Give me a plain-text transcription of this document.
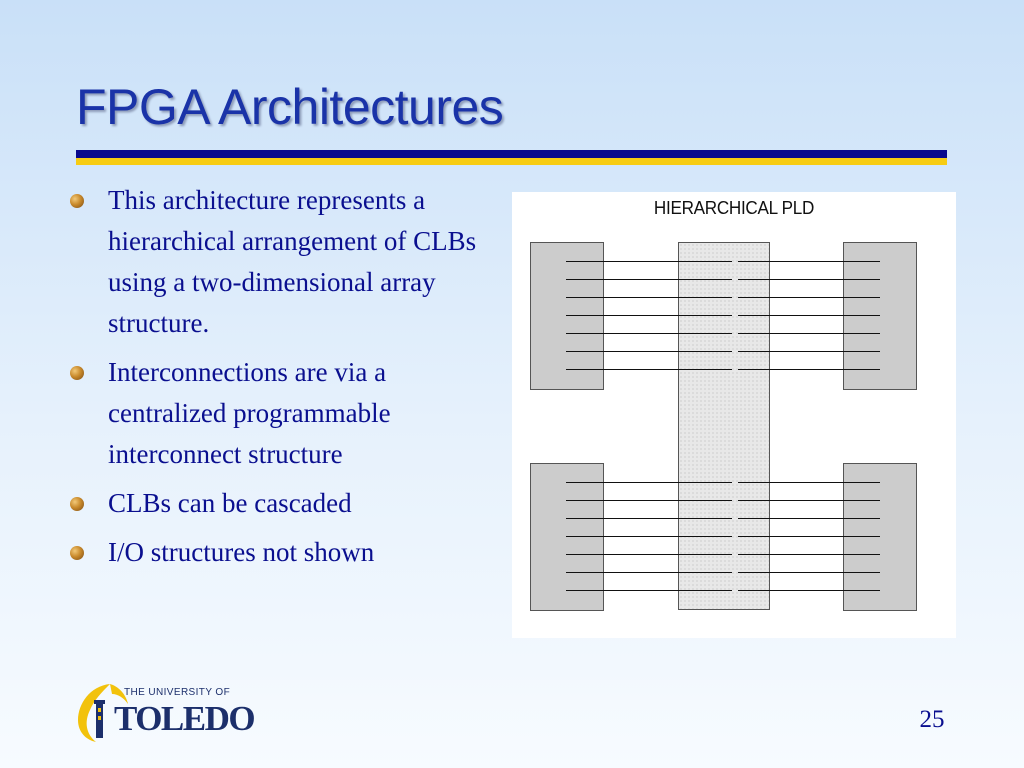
FPGA Architectures
This architecture represents a hierarchical arrangement of CLBs using a two-dimensional array structure.
Interconnections are via a centralized programmable interconnect structure
CLBs can be cascaded
I/O structures not shown
HIERARCHICAL PLD
THE UNIVERSITY OF
TOLEDO	25
